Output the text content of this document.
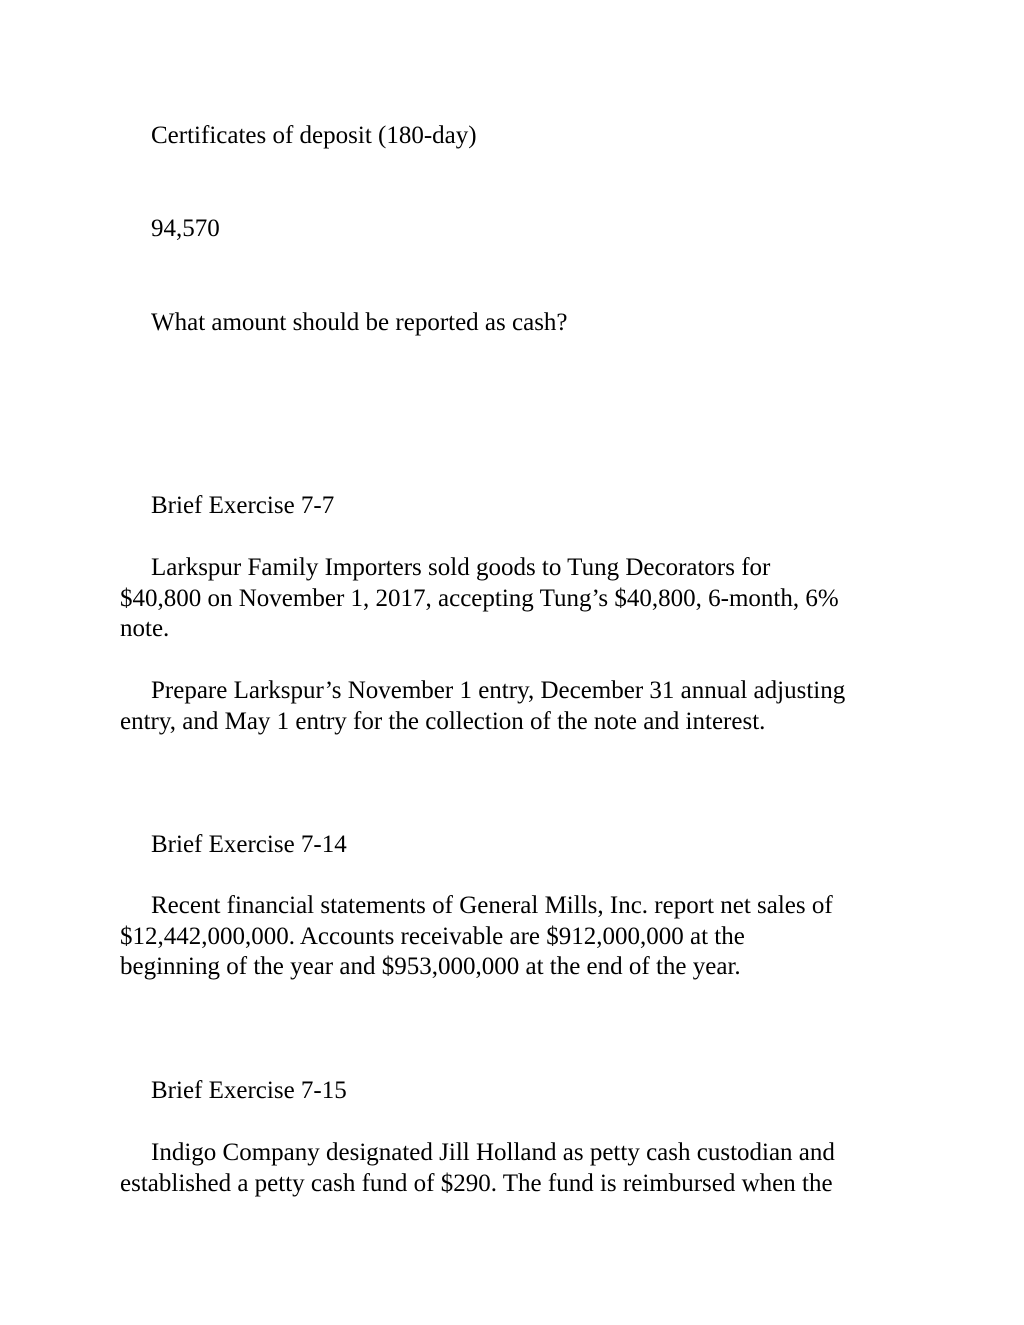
Certificates of deposit (180-day)

94,570

What amount should be reported as cash?

Brief Exercise 7-7

Larkspur Family Importers sold goods to Tung Decorators for
$40,800 on November 1, 2017, accepting Tung’s $40,800, 6-month, 6%
note.

Prepare Larkspur’s November 1 entry, December 31 annual adjusting
entry, and May 1 entry for the collection of the note and interest.

Brief Exercise 7-14

Recent financial statements of General Mills, Inc. report net sales of
$12,442,000,000. Accounts receivable are $912,000,000 at the
beginning of the year and $953,000,000 at the end of the year.

Brief Exercise 7-15

Indigo Company designated Jill Holland as petty cash custodian and
established a petty cash fund of $290. The fund is reimbursed when the
